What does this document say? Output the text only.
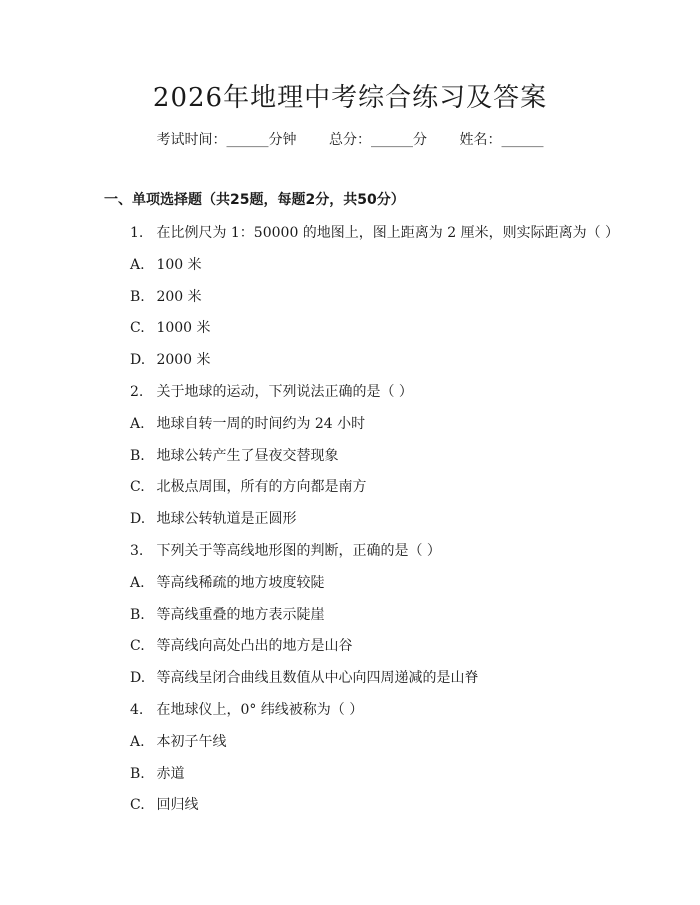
2026年地理中考综合练习及答案
考试时间：______分钟 总分：______分 姓名：______
一、单项选择题（共25题，每题2分，共50分）
1. 在比例尺为 1：50000 的地图上，图上距离为 2 厘米，则实际距离为（ ）
A. 100 米
B. 200 米
C. 1000 米
D. 2000 米
2. 关于地球的运动，下列说法正确的是（ ）
A. 地球自转一周的时间约为 24 小时
B. 地球公转产生了昼夜交替现象
C. 北极点周围，所有的方向都是南方
D. 地球公转轨道是正圆形
3. 下列关于等高线地形图的判断，正确的是（ ）
A. 等高线稀疏的地方坡度较陡
B. 等高线重叠的地方表示陡崖
C. 等高线向高处凸出的地方是山谷
D. 等高线呈闭合曲线且数值从中心向四周递减的是山脊
4. 在地球仪上，0° 纬线被称为（ ）
A. 本初子午线
B. 赤道
C. 回归线
